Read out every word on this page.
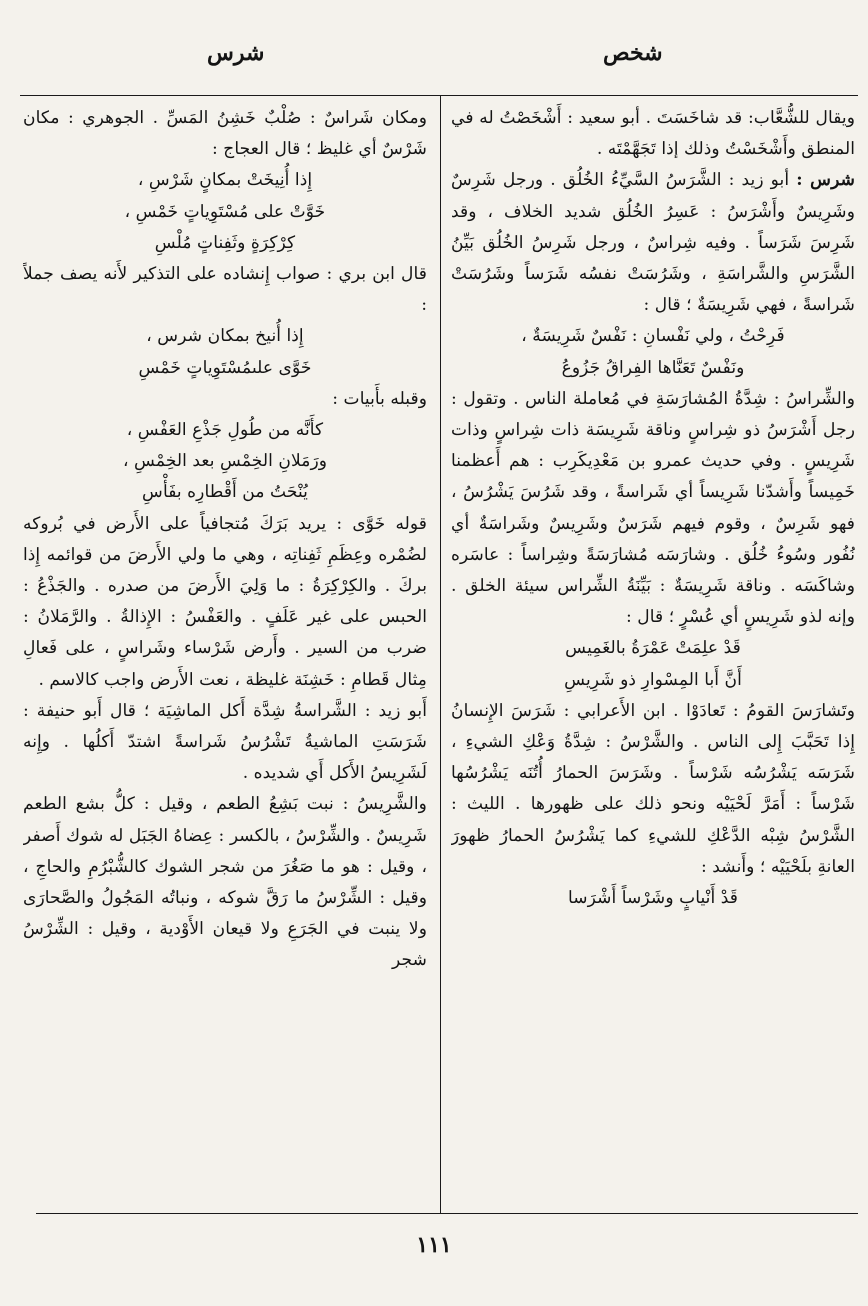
شخص
شرس

ويقال للشُّعَّاب: قد شاخَسَتَ . أبو سعيد : أَشْخَصْتُ له في المنطق وأَشْخَسْتُ وذلك إذا تَجَهَّمْتَه .

شرس : أبو زيد : الشَّرَسُ السَّيِّءُ الخُلُق . ورجل شَرِسٌ وشَرِيسٌ وأَشْرَسُ : عَسِرُ الخُلُق شديد الخلاف ، وقد شَرِسَ شَرَساً . وفيه شِراسٌ ، ورجل شَرِسُ الخُلُق بَيِّنُ الشَّرَسِ والشَّراسَةِ ، وشَرُسَتْ نفسُه شَرَساً وشَرُسَتْ شَراسةً ، فهي شَرِيسَةٌ ؛ قال :

فَرِحْتُ ، ولي نَفْسانِ : نَفْسٌ شَرِيسَةٌ ،

ونَفْسٌ تَعَنَّاها الفِراقُ جَزُوعُ

والشِّراسُ : شِدَّةُ المُشارَسَةِ في مُعاملة الناس . وتقول : رجل أَشْرَسُ ذو شِراسٍ وناقة شَرِيسَة ذات شِراسٍ وذات شَرِيسٍ . وفي حديث عمرو بن مَعْدِيكَرِب : هم أَعظمنا خَمِيساً وأَشدّنا شَرِيساً أي شَراسةً ، وقد شَرُسَ يَشْرُسُ ، فهو شَرِسٌ ، وقوم فيهم شَرَسٌ وشَرِيسٌ وشَراسَةٌ أي نُفُور وسُوءُ خُلُق . وشارَسَه مُشارَسَةً وشِراساً : عاسَره وشاكَسَه . وناقة شَرِيسَةٌ : بَيِّنَةُ الشِّراس سيئة الخلق . وإنه لذو شَرِيسٍ أي عُسْرٍ ؛ قال :

قَدْ علِمَتْ عَمْرَةُ بالغَمِيس

أَنَّ أَبا المِسْوارِ ذو شَرِيسِ

وتَشارَسَ القومُ : تَعادَوْا . ابن الأَعرابي : شَرَسَ الإِنسانُ إِذا تَحَبَّبَ إِلى الناس . والشَّرْسُ : شِدَّةُ وَعْكِ الشيءِ ، شَرَسَه يَشْرُسُه شَرْساً . وشَرَسَ الحمارُ أُتُنَه يَشْرُسُها شَرْساً : أَمَرَّ لَحْيَيْه ونحو ذلك على ظهورها . الليث : الشَّرْسُ شِبْه الدَّعْكِ للشيءِ كما يَشْرُسُ الحمارُ ظهورَ العانةِ بلَحْيَيْه ؛ وأَنشد :

قَدْ أَنْيابٍ وشَرْساً أَشْرَسا

ومكان شَراسٌ : صُلْبٌ خَشِنُ المَسِّ . الجوهري : مكان شَرْسٌ أي غليظ ؛ قال العجاج :

إِذا أُنِيخَتْ بمكانٍ شَرْسِ ،

خَوَّتْ على مُسْتَوِياتٍ خَمْسِ ،

كِرْكِرَةٍ وثَفِناتٍ مُلْسِ

قال ابن بري : صواب إِنشاده على التذكير لأَنه يصف جملاً :

إِذا أُنيخ بمكان شرس ،

خَوَّى علىمُسْتَوِياتٍ خَمْسِ

وقبله بأَبيات :

كأَنَّه من طُولِ جَذْعِ العَفْسِ ،

ورَمَلانِ الخِمْسِ بعد الخِمْسِ ،

يُنْحَتُ من أَقْطارِه بفَأْسِ

قوله خَوَّى : يريد بَرَكَ مُتجافياً على الأَرض في بُروكه لضُمْره وعِظَمِ ثَفِناتِه ، وهي ما ولي الأَرضَ من قوائمه إِذا بركَ . والكِرْكِرَةُ : ما وَلِيَ الأَرضَ من صدره . والجَذْعُ : الحبس على غير عَلَفٍ . والعَفْسُ : الإِذالةُ . والرَّمَلانُ : ضرب من السير . وأَرض شَرْساء وشَراسٍ ، على فَعالِ مِثال قَطامِ : خَشِنَة غليظة ، نعت الأَرض واجب كالاسم .

أَبو زيد : الشَّراسةُ شِدَّة أَكل الماشِيَة ؛ قال أَبو حنيفة : شَرَسَتِ الماشيةُ تَشْرُسُ شَراسةً اشتدّ أَكلُها . وإِنه لَشَرِيسُ الأَكل أَي شديده .

والشَّرِيسُ : نبت بَشِعُ الطعم ، وقيل : كلُّ بشع الطعم شَرِيسٌ . والشِّرْسُ ، بالكسر : عِضاهُ الجَبَل له شوك أَصفر ، وقيل : هو ما صَغُرَ من شجر الشوك كالشُّبْرُمِ والحاجِ ، وقيل : الشِّرْسُ ما رَقَّ شوكه ، ونباتُه المَجُولُ والصَّحارَى ولا ينبت في الجَرَعِ ولا قيعان الأَوْدية ، وقيل : الشِّرْسُ شجر

١١١
